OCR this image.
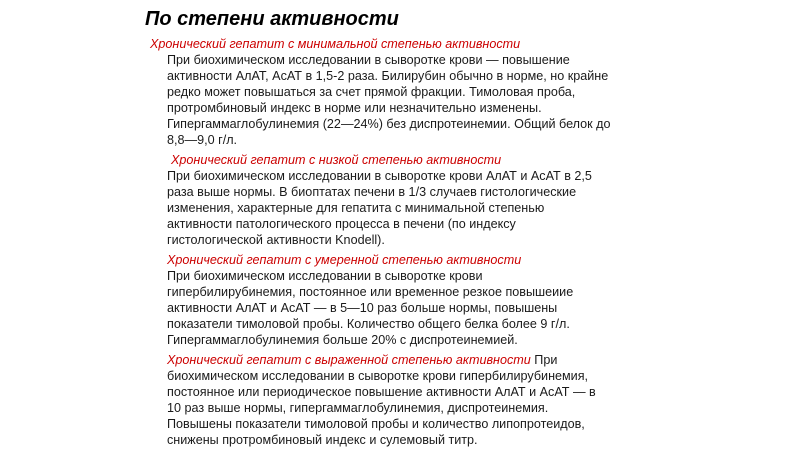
По степени активности
Хронический гепатит с минимальной степенью активности
При биохимическом исследовании в сыворотке крови — повышение
активности АлАТ, АсАТ в 1,5-2 раза. Билирубин обычно в норме, но крайне
редко может повышаться за счет прямой фракции. Тимоловая проба,
протромбиновый индекс в норме или незначительно изменены.
Гипергаммаглобулинемия (22—24%) без диспротеинемии. Общий белок до
8,8—9,0 г/л.
Хронический гепатит с низкой степенью активности
При биохимическом исследовании в сыворотке крови АлАТ и АсАТ в 2,5
раза выше нормы. В биоптатах печени в 1/3 случаев гистологические
изменения, характерные для гепатита с минимальной степенью
активности патологического процесса в печени (по индексу
гистологической активности Knodell).
Хронический гепатит с умеренной степенью активности
При биохимическом исследовании в сыворотке крови
гипербилирубинемия, постоянное или временное резкое повышеиие
активности АлАТ и АсАТ — в 5—10 раз больше нормы, повышены
показатели тимоловой пробы. Количество общего белка более 9 г/л.
Гипергаммаглобулинемия больше 20% с диспротеинемией.
Хронический гепатит с выраженной степенью активности При
биохимическом исследовании в сыворотке крови гипербилирубинемия,
постоянное или периодическое повышение активности АлАТ и АсАТ — в
10 раз выше нормы, гипергаммаглобулинемия, диспротеинемия.
Повышены показатели тимоловой пробы и количество липопротеидов,
снижены протромбиновый индекс и сулемовый титр.
